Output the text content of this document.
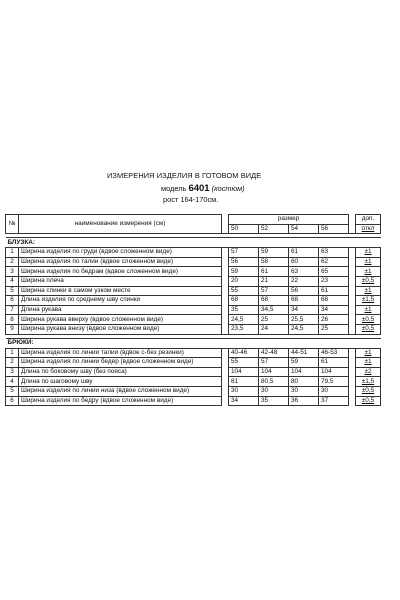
ИЗМЕРЕНИЯ ИЗДЕЛИЯ В ГОТОВОМ ВИДЕ
модель 6401 (костюм)
рост 164-170см.
№	наименование измерения (см)		размер					доп.
			50	52	54	56		откл

БЛУЗКА:								
1	Ширина изделия по груди (вдвое сложенном виде)		57	59	61	63		±1
2	Ширина изделия по талии (вдвое сложенном виде)		56	58	60	62		±1
3	Ширина изделия по бедрам (вдвое сложенном виде)		59	61	63	65		±1
4	Ширина плеча		20	21	22	23		±0,5
5	Ширина спинки в самом узком месте		55	57	56	61		±1
6	Длина изделия по среднему шву спинки		68	68	68	68		±1,5
7	Длина рукава		35	34,5	34	34		±1
8	Ширина рукава вверху (вдвое сложенном виде)		24,5	25	25,5	26		±0,5
9	Ширина рукава внизу (вдвое сложенном виде)		23,5	24	24,5	25		±0,5

БРЮКИ:								
1	Ширина изделия по линии талии (вдвое с-без резинки)		40-46	42-48	44-51	46-53		±1
2	Ширина изделия по линии бедер (вдвое сложенном виде)		55	57	59	61		±1
3	Длина по боковому шву (без пояса)		104	104	104	104		±2
4	Длина по шаговому шву		81	80,5	80	79,5		±1,5
5	Ширина изделия по линии низа (вдвое сложенном виде)		30	30	30	30		±0,5
6	Ширина изделия по бедру (вдвое сложенном виде)		34	35	36	37		±0,5
